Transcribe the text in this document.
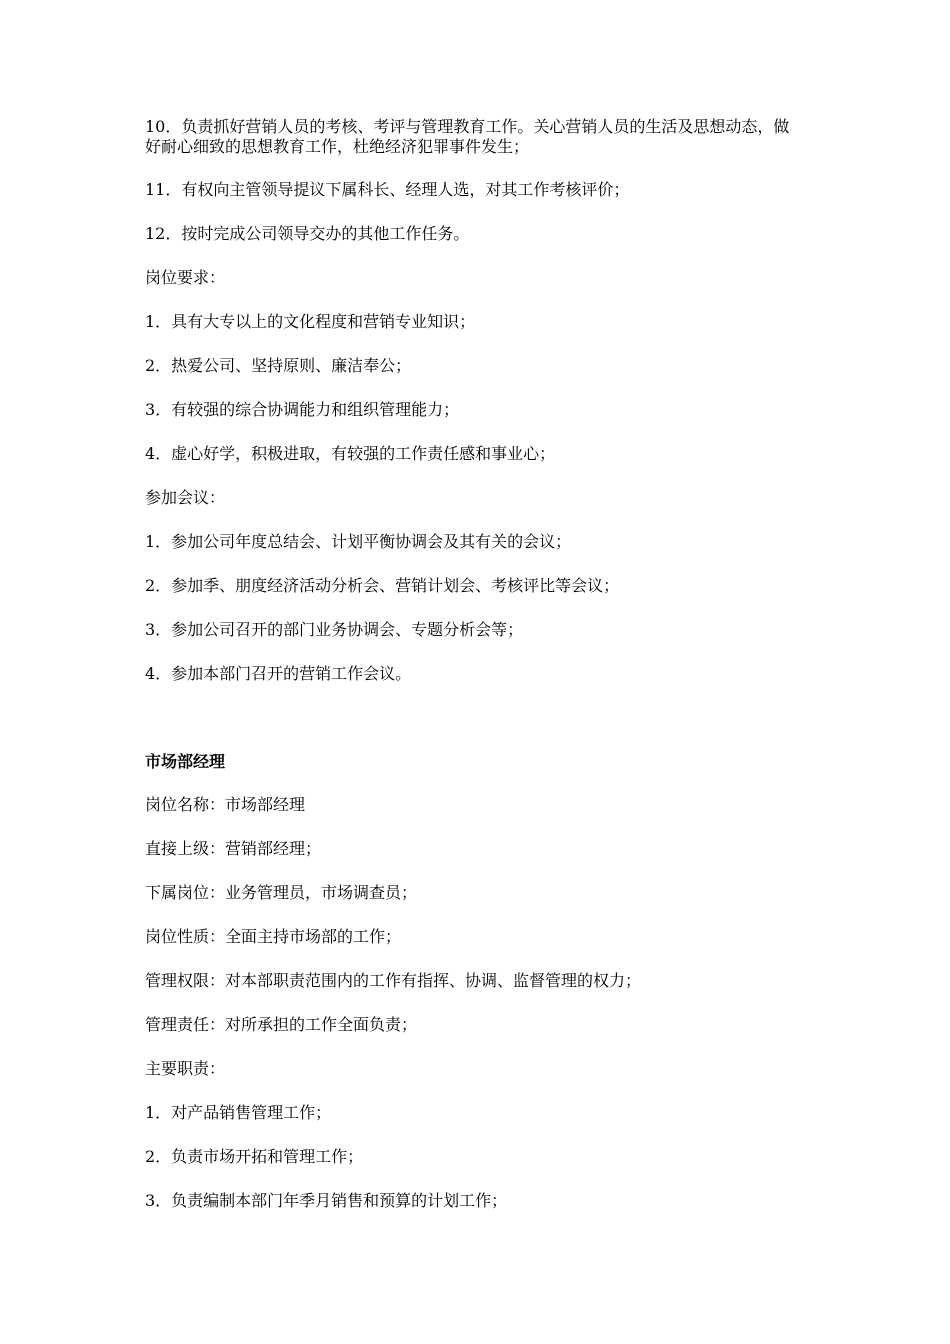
10．负责抓好营销人员的考核、考评与管理教育工作。关心营销人员的生活及思想动态，做好耐心细致的思想教育工作，杜绝经济犯罪事件发生；

11．有权向主管领导提议下属科长、经理人选，对其工作考核评价；

12．按时完成公司领导交办的其他工作任务。

岗位要求：

1．具有大专以上的文化程度和营销专业知识；

2．热爱公司、坚持原则、廉洁奉公；

3．有较强的综合协调能力和组织管理能力；

4．虚心好学，积极进取，有较强的工作责任感和事业心；

参加会议：

1．参加公司年度总结会、计划平衡协调会及其有关的会议；

2．参加季、朋度经济活动分析会、营销计划会、考核评比等会议；

3．参加公司召开的部门业务协调会、专题分析会等；

4．参加本部门召开的营销工作会议。

市场部经理

岗位名称：市场部经理

直接上级：营销部经理；

下属岗位：业务管理员，市场调查员；

岗位性质：全面主持市场部的工作；

管理权限：对本部职责范围内的工作有指挥、协调、监督管理的权力；

管理责任：对所承担的工作全面负责；

主要职责：

1．对产品销售管理工作；

2．负责市场开拓和管理工作；

3．负责编制本部门年季月销售和预算的计划工作；
